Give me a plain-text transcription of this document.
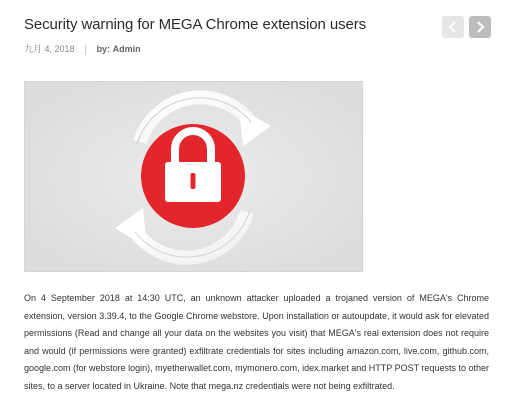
Security warning for MEGA Chrome extension users
九月 4, 2018 by: Admin

On 4 September 2018 at 14:30 UTC, an unknown attacker uploaded a trojaned version of MEGA's Chrome extension, version 3.39.4, to the Google Chrome webstore. Upon installation or autoupdate, it would ask for elevated permissions (Read and change all your data on the websites you visit) that MEGA's real extension does not require and would (if permissions were granted) exfiltrate credentials for sites including amazon.com, live.com, github.com, google.com (for webstore login), myetherwallet.com, mymonero.com, idex.market and HTTP POST requests to other sites, to a server located in Ukraine. Note that mega.nz credentials were not being exfiltrated.
